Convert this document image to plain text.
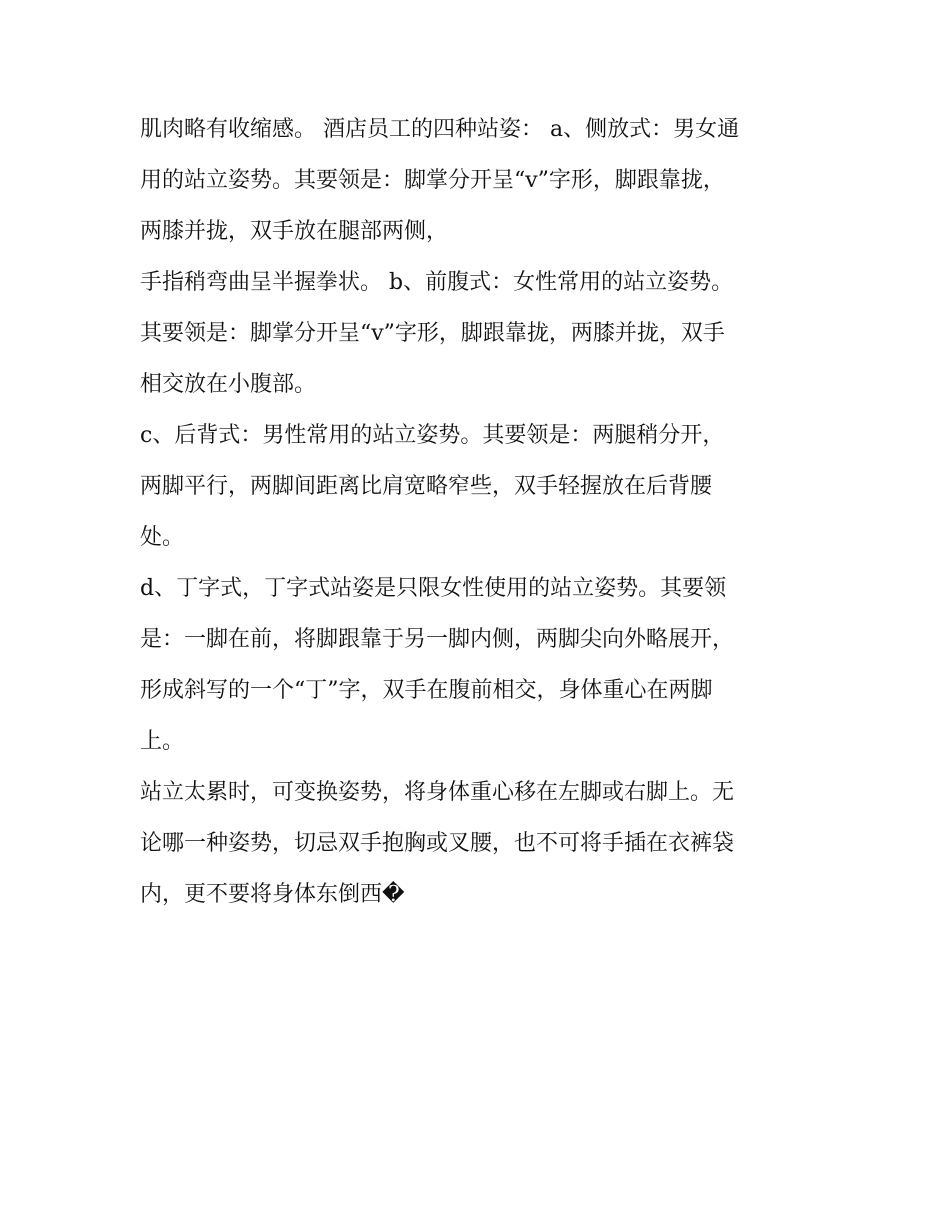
肌肉略有收缩感。 酒店员工的四种站姿： a、侧放式：男女通
用的站立姿势。其要领是：脚掌分开呈“v”字形，脚跟靠拢，
两膝并拢，双手放在腿部两侧，
手指稍弯曲呈半握拳状。 b、前腹式：女性常用的站立姿势。
其要领是：脚掌分开呈“v”字形，脚跟靠拢，两膝并拢，双手
相交放在小腹部。
c、后背式：男性常用的站立姿势。其要领是：两腿稍分开，
两脚平行，两脚间距离比肩宽略窄些，双手轻握放在后背腰
处。
d、丁字式，丁字式站姿是只限女性使用的站立姿势。其要领
是：一脚在前，将脚跟靠于另一脚内侧，两脚尖向外略展开，
形成斜写的一个“丁”字，双手在腹前相交，身体重心在两脚
上。
站立太累时，可变换姿势，将身体重心移在左脚或右脚上。无
论哪一种姿势，切忌双手抱胸或叉腰，也不可将手插在衣裤袋
内，更不要将身体东倒西�
